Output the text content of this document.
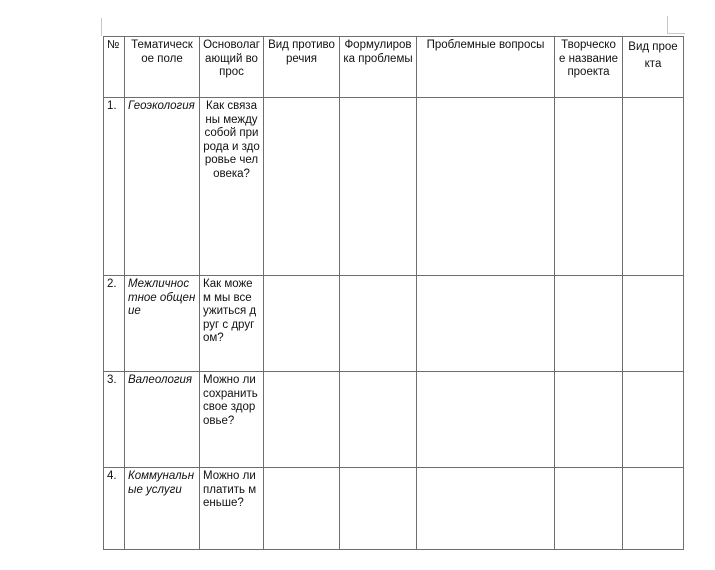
№	Тематическое поле	Основолагающий вопрос	Вид противоречия	Формулировка проблемы	Проблемные вопросы	Творческое название проекта	Вид проекта
1.	Геоэкология	Как связаны между собой природа и здоровье человека?					
2.	Межличностное общение	Как можем мы все ужиться друг с другом?					
3.	Валеология	Можно ли сохранить свое здоровье?					
4.	Коммунальные услуги	Можно ли платить меньше?					
